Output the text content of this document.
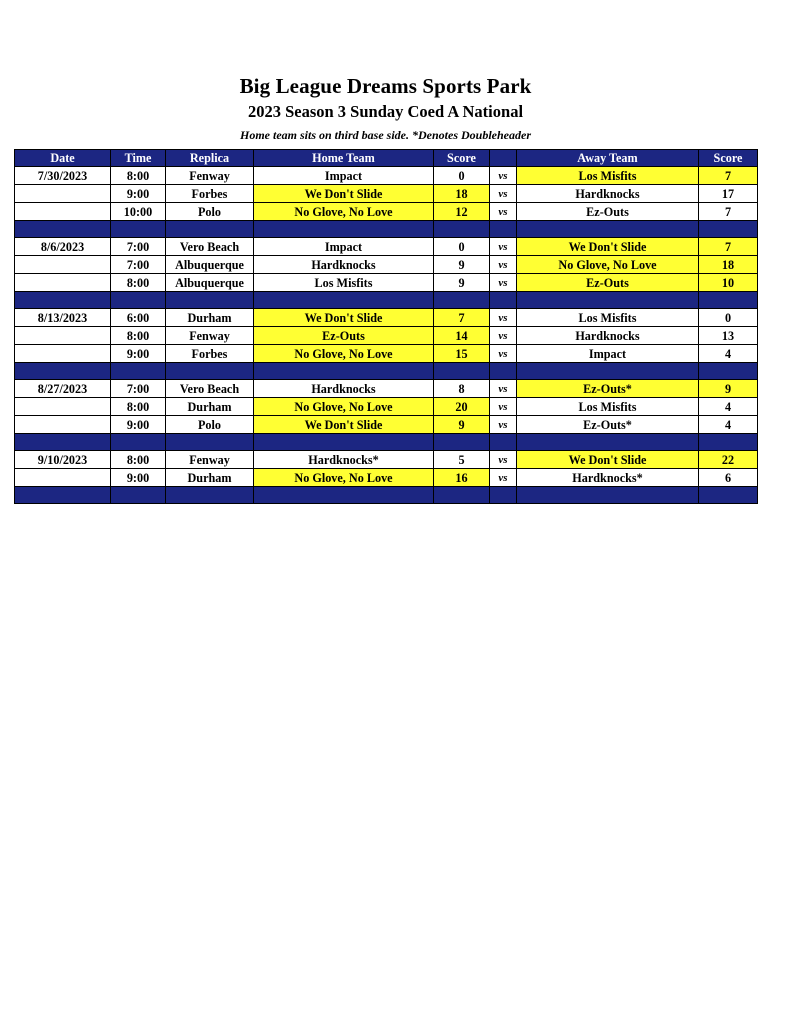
Big League Dreams Sports Park
2023 Season 3 Sunday Coed A National
Home team sits on third base side. *Denotes Doubleheader
Date	Time	Replica	Home Team	Score		Away Team	Score
7/30/2023	8:00	Fenway	Impact	0	vs	Los Misfits	7
	9:00	Forbes	We Don't Slide	18	vs	Hardknocks	17
	10:00	Polo	No Glove, No Love	12	vs	Ez-Outs	7

8/6/2023	7:00	Vero Beach	Impact	0	vs	We Don't Slide	7
	7:00	Albuquerque	Hardknocks	9	vs	No Glove, No Love	18
	8:00	Albuquerque	Los Misfits	9	vs	Ez-Outs	10

8/13/2023	6:00	Durham	We Don't Slide	7	vs	Los Misfits	0
	8:00	Fenway	Ez-Outs	14	vs	Hardknocks	13
	9:00	Forbes	No Glove, No Love	15	vs	Impact	4

8/27/2023	7:00	Vero Beach	Hardknocks	8	vs	Ez-Outs*	9
	8:00	Durham	No Glove, No Love	20	vs	Los Misfits	4
	9:00	Polo	We Don't Slide	9	vs	Ez-Outs*	4

9/10/2023	8:00	Fenway	Hardknocks*	5	vs	We Don't Slide	22
	9:00	Durham	No Glove, No Love	16	vs	Hardknocks*	6
